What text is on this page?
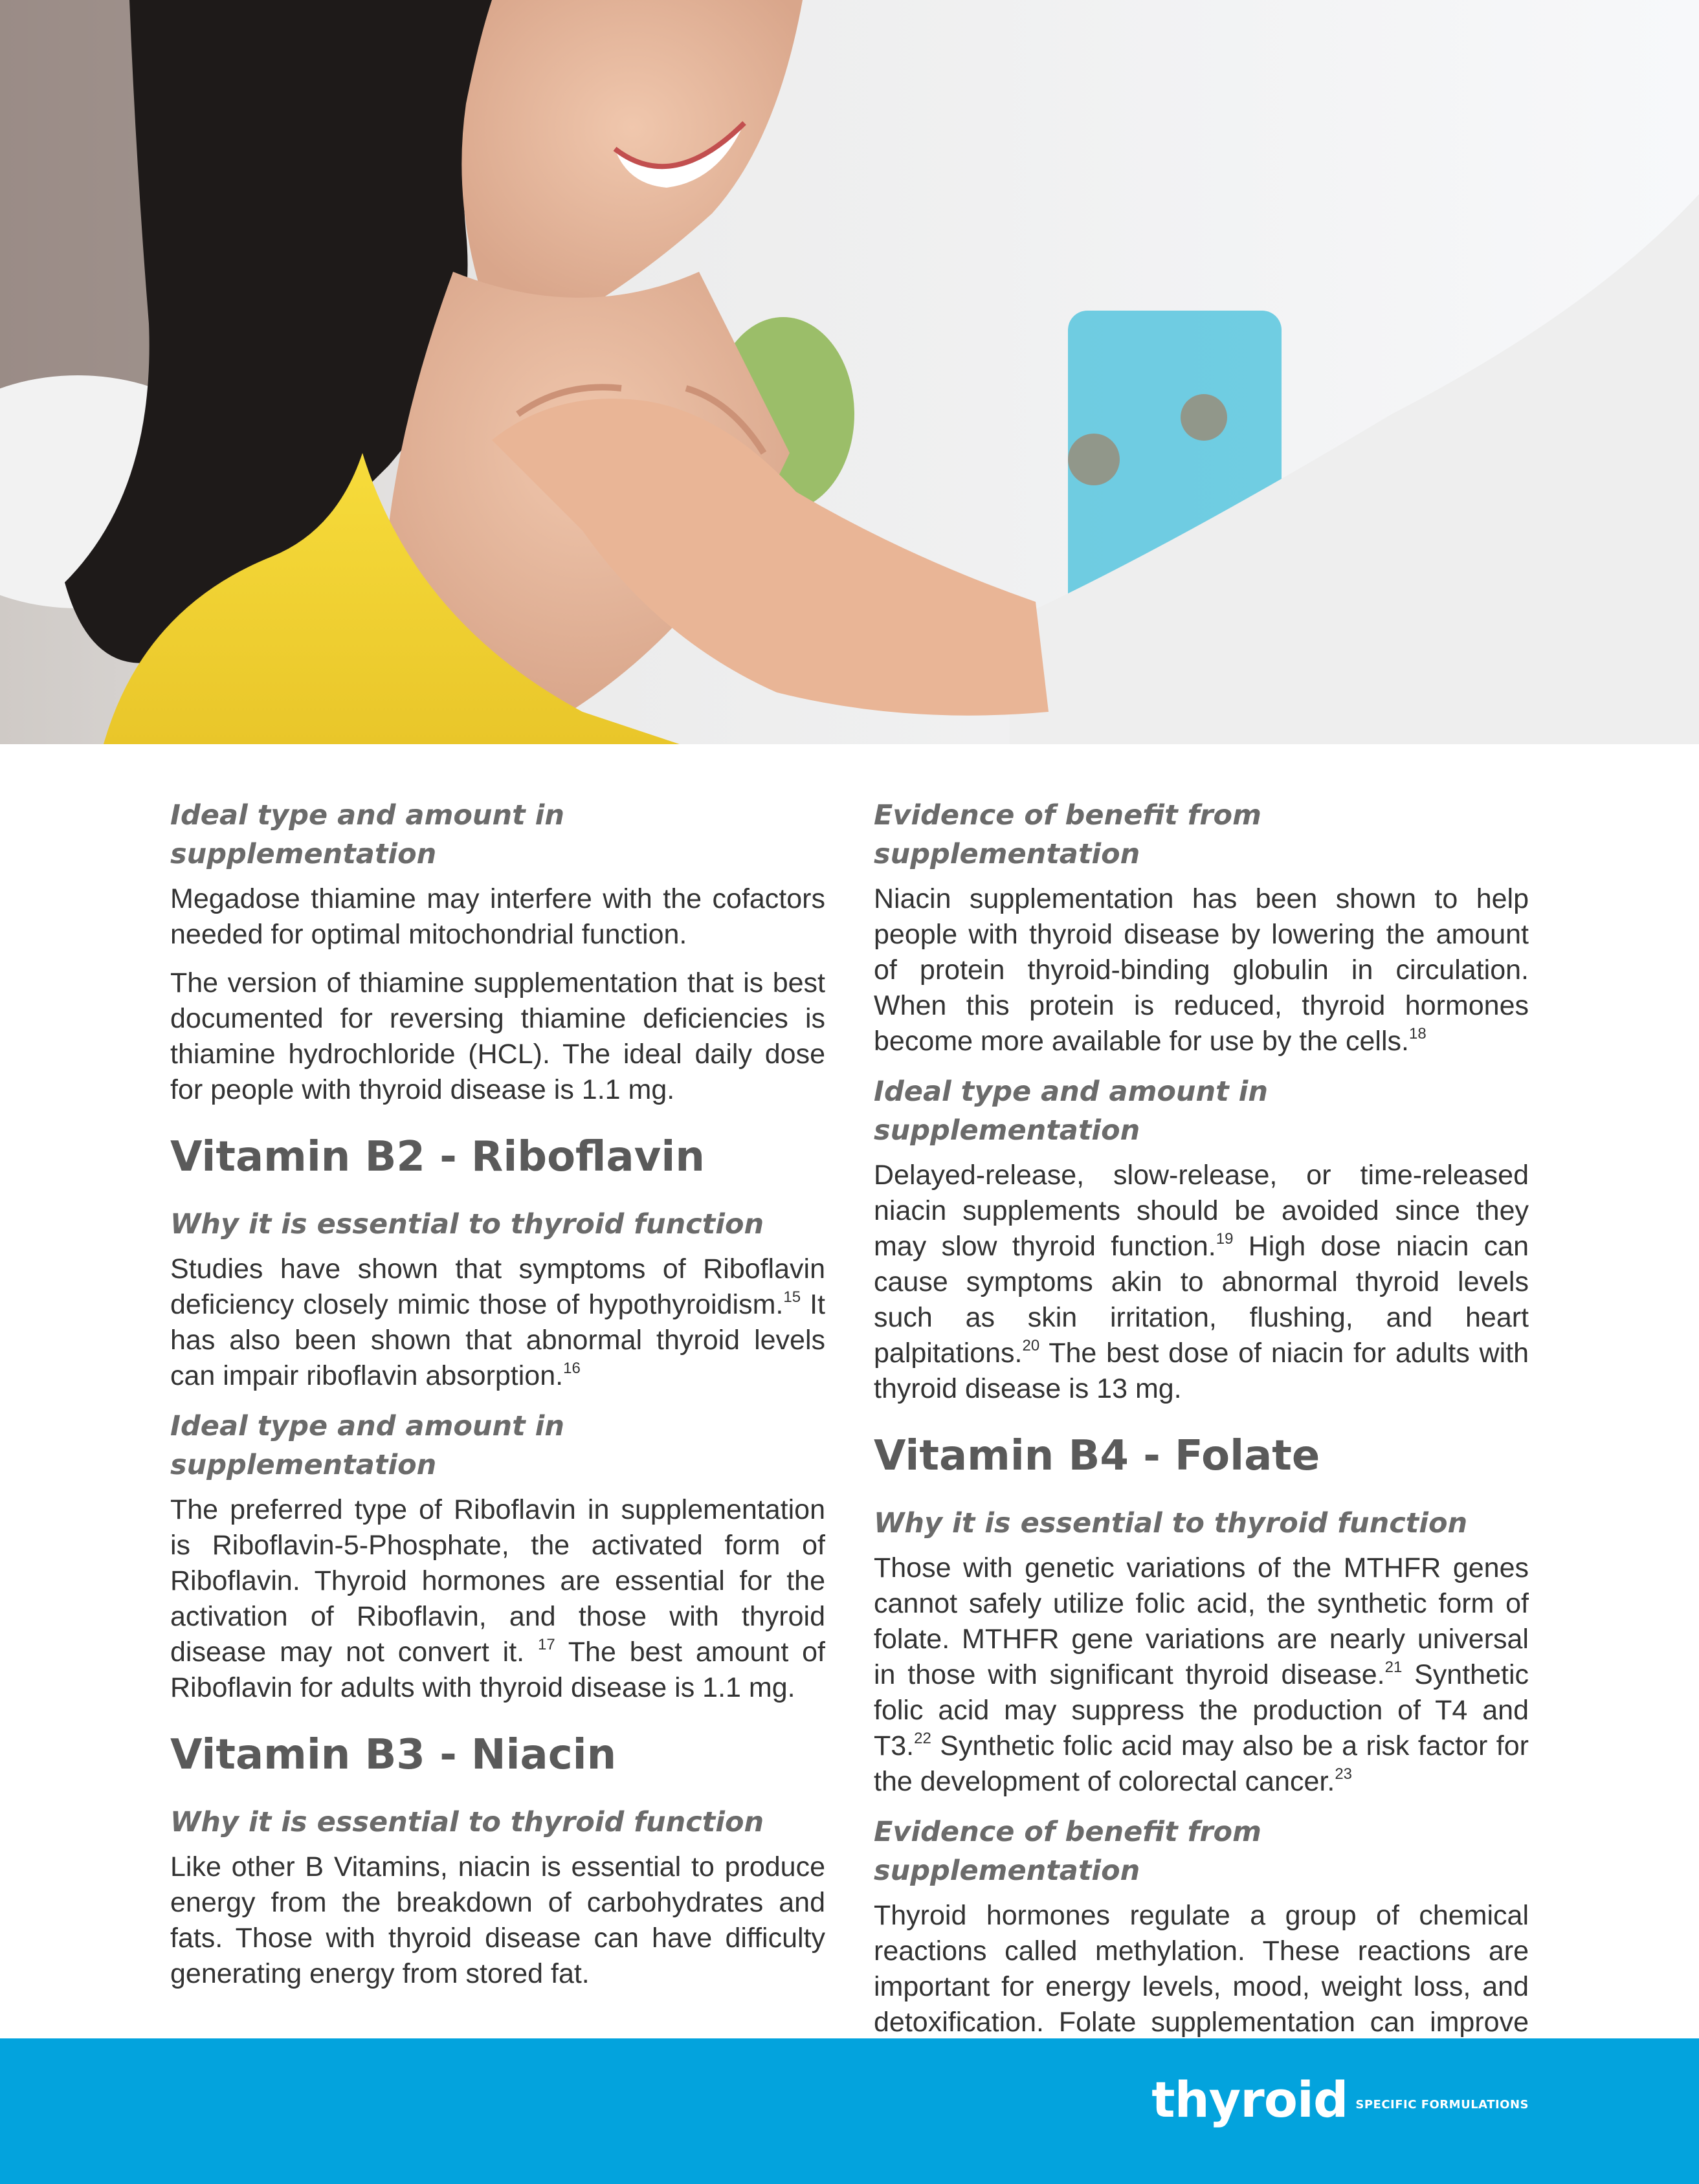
Ideal type and amount in supplementation

Megadose thiamine may interfere with the cofactors needed for optimal mitochondrial function.

The version of thiamine supplementation that is best documented for reversing thiamine deficiencies is thiamine hydrochloride (HCL). The ideal daily dose for people with thyroid disease is 1.1 mg.

Vitamin B2 - Riboflavin
Why it is essential to thyroid function

Studies have shown that symptoms of Riboflavin deficiency closely mimic those of hypothyroidism.$^{15}$ It has also been shown that abnormal thyroid levels can impair riboflavin absorption.$^{16}$

Ideal type and amount in supplementation

The preferred type of Riboflavin in supplementation is Riboflavin-5-Phosphate, the activated form of Riboflavin. Thyroid hormones are essential for the activation of Riboflavin, and those with thyroid disease may not convert it. $^{17}$ The best amount of Riboflavin for adults with thyroid disease is 1.1 mg.

Vitamin B3 - Niacin
Why it is essential to thyroid function

Like other B Vitamins, niacin is essential to produce energy from the breakdown of carbohydrates and fats. Those with thyroid disease can have difficulty generating energy from stored fat.

Evidence of benefit from supplementation

Niacin supplementation has been shown to help people with thyroid disease by lowering the amount of protein thyroid-binding globulin in circulation. When this protein is reduced, thyroid hormones become more available for use by the cells.$^{18}$

Ideal type and amount in supplementation

Delayed-release, slow-release, or time-released niacin supplements should be avoided since they may slow thyroid function.$^{19}$ High dose niacin can cause symptoms akin to abnormal thyroid levels such as skin irritation, flushing, and heart palpitations.$^{20}$ The best dose of niacin for adults with thyroid disease is 13 mg.

Vitamin B4 - Folate
Why it is essential to thyroid function

Those with genetic variations of the MTHFR genes cannot safely utilize folic acid, the synthetic form of folate. MTHFR gene variations are nearly universal in those with significant thyroid disease.$^{21}$ Synthetic folic acid may suppress the production of T4 and T3.22 Synthetic folic acid may also be a risk factor for the development of colorectal cancer.$^{23}$

Evidence of benefit from supplementation

Thyroid hormones regulate a group of chemical reactions called methylation. These reactions are important for energy levels, mood, weight loss, and detoxification. Folate supplementation can improve

thyroid SPECIFIC FORMULATIONS
